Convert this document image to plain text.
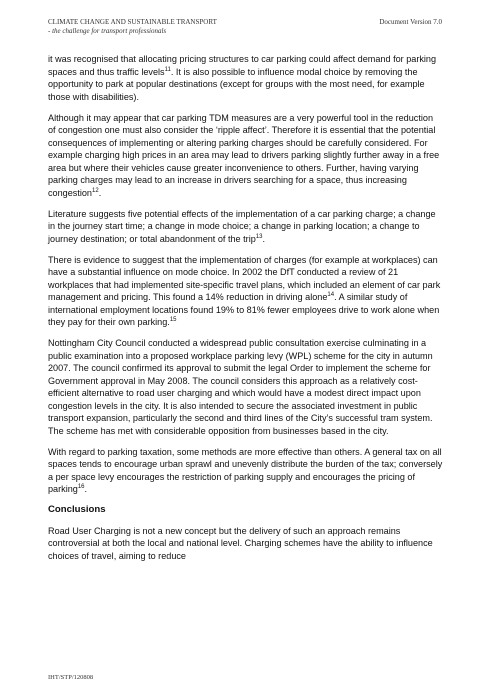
CLIMATE CHANGE AND SUSTAINABLE TRANSPORT
- the challenge for transport professionals
Document Version 7.0

it was recognised that allocating pricing structures to car parking could affect demand for parking spaces and thus traffic levels$^{11}$. It is also possible to influence modal choice by removing the opportunity to park at popular destinations (except for groups with the most need, for example those with disabilities).

Although it may appear that car parking TDM measures are a very powerful tool in the reduction of congestion one must also consider the ‘ripple affect’. Therefore it is essential that the potential consequences of implementing or altering parking charges should be carefully considered. For example charging high prices in an area may lead to drivers parking slightly further away in a free area but where their vehicles cause greater inconvenience to others. Further, having varying parking charges may lead to an increase in drivers searching for a space, thus increasing congestion$^{12}$.

Literature suggests five potential effects of the implementation of a car parking charge; a change in the journey start time; a change in mode choice; a change in parking location; a change to journey destination; or total abandonment of the trip$^{13}$.

There is evidence to suggest that the implementation of charges (for example at workplaces) can have a substantial influence on mode choice. In 2002 the DfT conducted a review of 21 workplaces that had implemented site-specific travel plans, which included an element of car park management and pricing. This found a 14% reduction in driving alone$^{14}$. A similar study of international employment locations found 19% to 81% fewer employees drive to work alone when they pay for their own parking.$^{15}$

Nottingham City Council conducted a widespread public consultation exercise culminating in a public examination into a proposed workplace parking levy (WPL) scheme for the city in autumn 2007. The council confirmed its approval to submit the legal Order to implement the scheme for Government approval in May 2008. The council considers this approach as a relatively cost-efficient alternative to road user charging and which would have a modest direct impact upon congestion levels in the city. It is also intended to secure the associated investment in public transport expansion, particularly the second and third lines of the City’s successful tram system. The scheme has met with considerable opposition from businesses based in the city.

With regard to parking taxation, some methods are more effective than others. A general tax on all spaces tends to encourage urban sprawl and unevenly distribute the burden of the tax; conversely a per space levy encourages the restriction of parking supply and encourages the pricing of parking$^{16}$.

Conclusions

Road User Charging is not a new concept but the delivery of such an approach remains controversial at both the local and national level. Charging schemes have the ability to influence choices of travel, aiming to reduce

IHT/STP/120808
